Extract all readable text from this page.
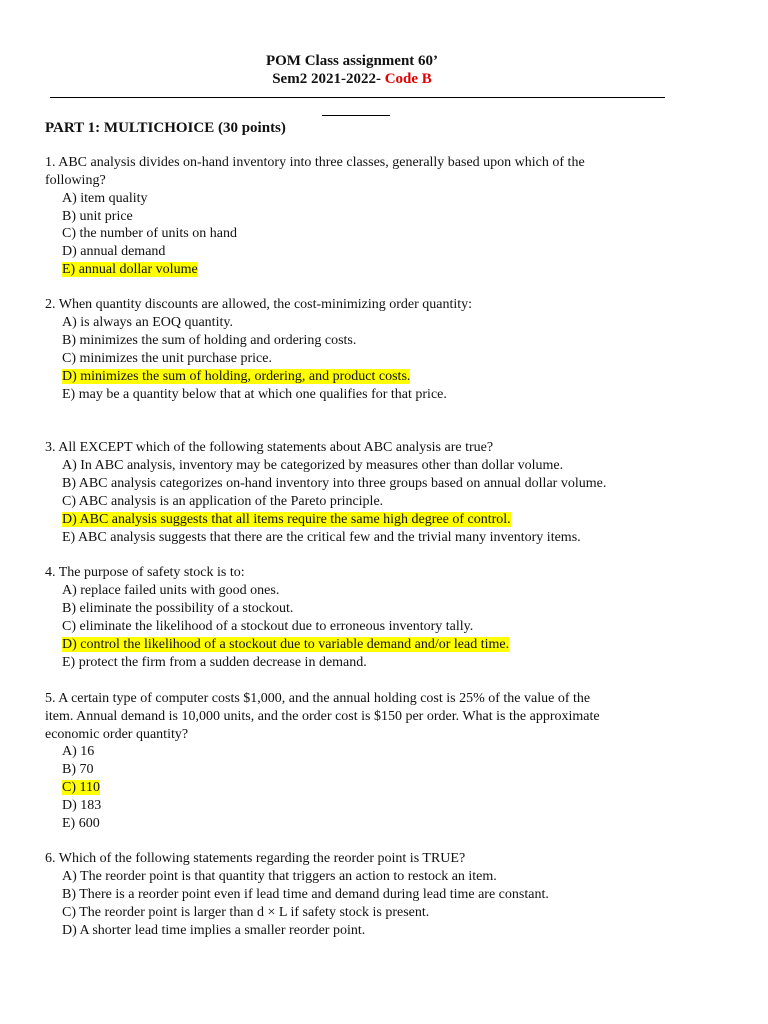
POM Class assignment 60’
Sem2 2021-2022- Code B
PART 1: MULTICHOICE (30 points)
1. ABC analysis divides on-hand inventory into three classes, generally based upon which of the
following?
A) item quality
B) unit price
C) the number of units on hand
D) annual demand
E) annual dollar volume
2. When quantity discounts are allowed, the cost-minimizing order quantity:
A) is always an EOQ quantity.
B) minimizes the sum of holding and ordering costs.
C) minimizes the unit purchase price.
D) minimizes the sum of holding, ordering, and product costs.
E) may be a quantity below that at which one qualifies for that price.
3. All EXCEPT which of the following statements about ABC analysis are true?
A) In ABC analysis, inventory may be categorized by measures other than dollar volume.
B) ABC analysis categorizes on-hand inventory into three groups based on annual dollar volume.
C) ABC analysis is an application of the Pareto principle.
D) ABC analysis suggests that all items require the same high degree of control.
E) ABC analysis suggests that there are the critical few and the trivial many inventory items.
4. The purpose of safety stock is to:
A) replace failed units with good ones.
B) eliminate the possibility of a stockout.
C) eliminate the likelihood of a stockout due to erroneous inventory tally.
D) control the likelihood of a stockout due to variable demand and/or lead time.
E) protect the firm from a sudden decrease in demand.
5. A certain type of computer costs $1,000, and the annual holding cost is 25% of the value of the
item. Annual demand is 10,000 units, and the order cost is $150 per order. What is the approximate
economic order quantity?
A) 16
B) 70
C) 110
D) 183
E) 600
6. Which of the following statements regarding the reorder point is TRUE?
A) The reorder point is that quantity that triggers an action to restock an item.
B) There is a reorder point even if lead time and demand during lead time are constant.
C) The reorder point is larger than d × L if safety stock is present.
D) A shorter lead time implies a smaller reorder point.
